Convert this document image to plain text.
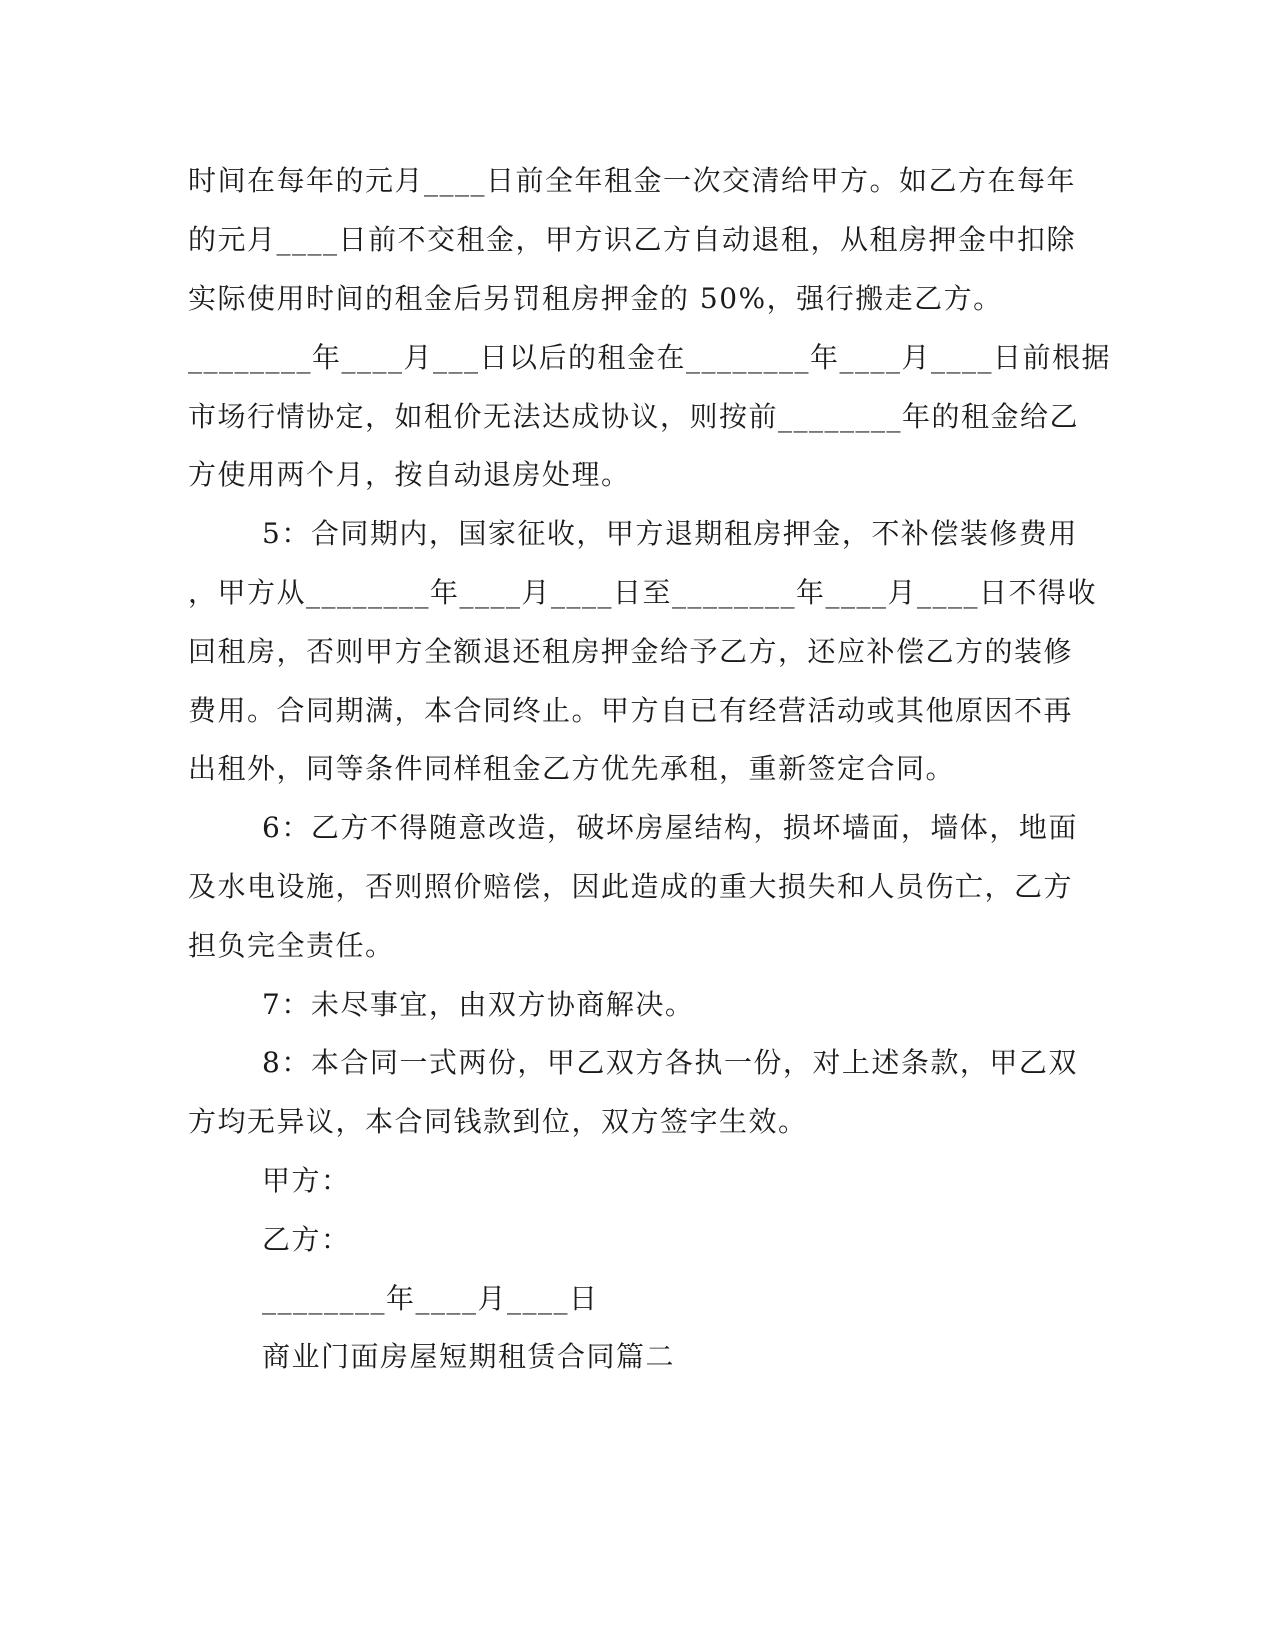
时间在每年的元月____日前全年租金一次交清给甲方。如乙方在每年
的元月____日前不交租金，甲方识乙方自动退租，从租房押金中扣除
实际使用时间的租金后另罚租房押金的 50%，强行搬走乙方。
________年____月___日以后的租金在________年____月____日前根据
市场行情协定，如租价无法达成协议，则按前________年的租金给乙
方使用两个月，按自动退房处理。
5：合同期内，国家征收，甲方退期租房押金，不补偿装修费用
，甲方从________年____月____日至________年____月____日不得收
回租房，否则甲方全额退还租房押金给予乙方，还应补偿乙方的装修
费用。合同期满，本合同终止。甲方自已有经营活动或其他原因不再
出租外，同等条件同样租金乙方优先承租，重新签定合同。
6：乙方不得随意改造，破坏房屋结构，损坏墙面，墙体，地面
及水电设施，否则照价赔偿，因此造成的重大损失和人员伤亡，乙方
担负完全责任。
7：未尽事宜，由双方协商解决。
8：本合同一式两份，甲乙双方各执一份，对上述条款，甲乙双
方均无异议，本合同钱款到位，双方签字生效。
甲方：
乙方：
________年____月____日
商业门面房屋短期租赁合同篇二
